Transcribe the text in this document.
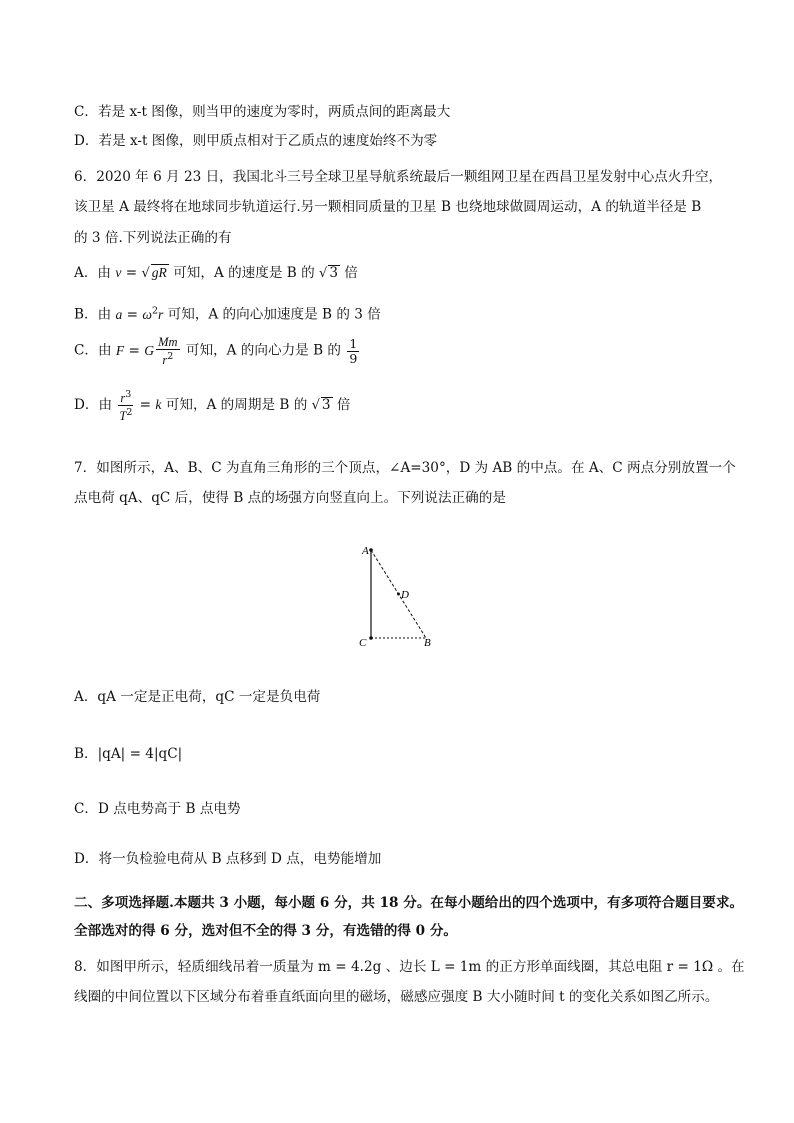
C．若是 x-t 图像，则当甲的速度为零时，两质点间的距离最大
D．若是 x-t 图像，则甲质点相对于乙质点的速度始终不为零
6．2020 年 6 月 23 日，我国北斗三号全球卫星导航系统最后一颗组网卫星在西昌卫星发射中心点火升空，
该卫星 A 最终将在地球同步轨道运行.另一颗相同质量的卫星 B 也绕地球做圆周运动，A 的轨道半径是 B
的 3 倍.下列说法正确的有
A．由 v = √ gR 可知，A 的速度是 B 的 √ 3 倍
B．由 $a = \omega^2r$ 可知，A 的向心加速度是 B 的 3 倍
C．由 F = G $\frac{Mm}{r^2}$ 可知，A 的向心力是 B 的 $\frac{1}{9}$
D．由 $\frac{r^3}{T^2} = k$ 可知，A 的周期是 B 的 √ 3 倍
7．如图所示，A、B、C 为直角三角形的三个顶点，∠A=30°，D 为 AB 的中点。在 A、C 两点分别放置一个
点电荷 qA、qC 后，使得 B 点的场强方向竖直向上。下列说法正确的是
A
D
C	B
A．qA 一定是正电荷，qC 一定是负电荷
B．|qA| = 4|qC|
C．D 点电势高于 B 点电势
D．将一负检验电荷从 B 点移到 D 点，电势能增加
二、多项选择题.本题共 3 小题，每小题 6 分，共 18 分。在每小题给出的四个选项中，有多项符合题目要求。
全部选对的得 6 分，选对但不全的得 3 分，有选错的得 0 分。
8．如图甲所示，轻质细线吊着一质量为 m = 4.2g 、边长 L = 1m 的正方形单面线圈，其总电阻 r = 1Ω 。在
线圈的中间位置以下区域分布着垂直纸面向里的磁场，磁感应强度 B 大小随时间 t 的变化关系如图乙所示。
